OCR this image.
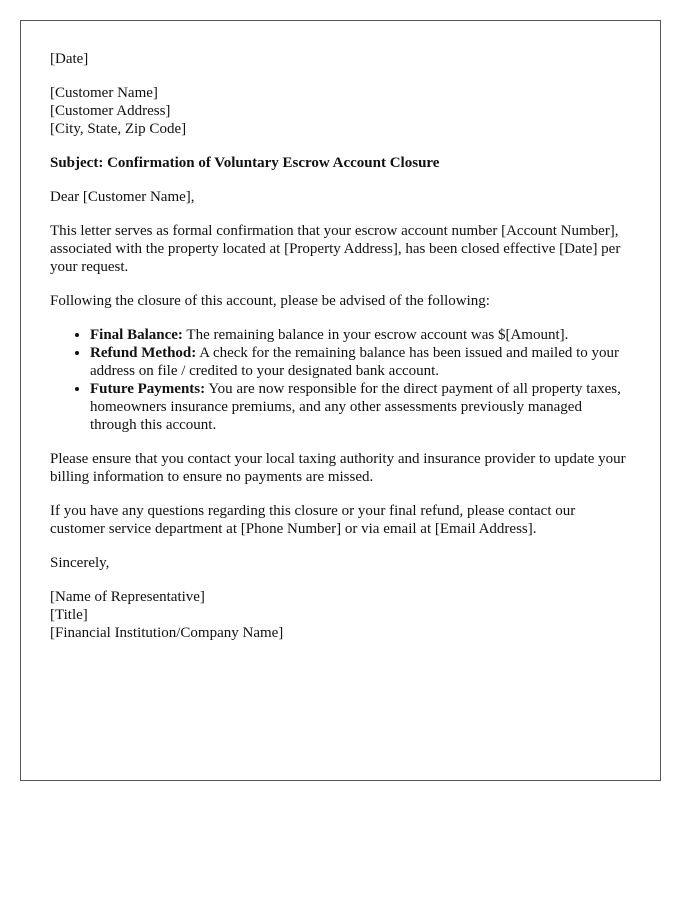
[Date]

[Customer Name]
[Customer Address]
[City, State, Zip Code]

Subject: Confirmation of Voluntary Escrow Account Closure

Dear [Customer Name],

This letter serves as formal confirmation that your escrow account number [Account Number], associated with the property located at [Property Address], has been closed effective [Date] per your request.

Following the closure of this account, please be advised of the following:

• Final Balance: The remaining balance in your escrow account was $[Amount].
• Refund Method: A check for the remaining balance has been issued and mailed to your address on file / credited to your designated bank account.
• Future Payments: You are now responsible for the direct payment of all property taxes, homeowners insurance premiums, and any other assessments previously managed through this account.

Please ensure that you contact your local taxing authority and insurance provider to update your billing information to ensure no payments are missed.

If you have any questions regarding this closure or your final refund, please contact our customer service department at [Phone Number] or via email at [Email Address].

Sincerely,

[Name of Representative]
[Title]
[Financial Institution/Company Name]
